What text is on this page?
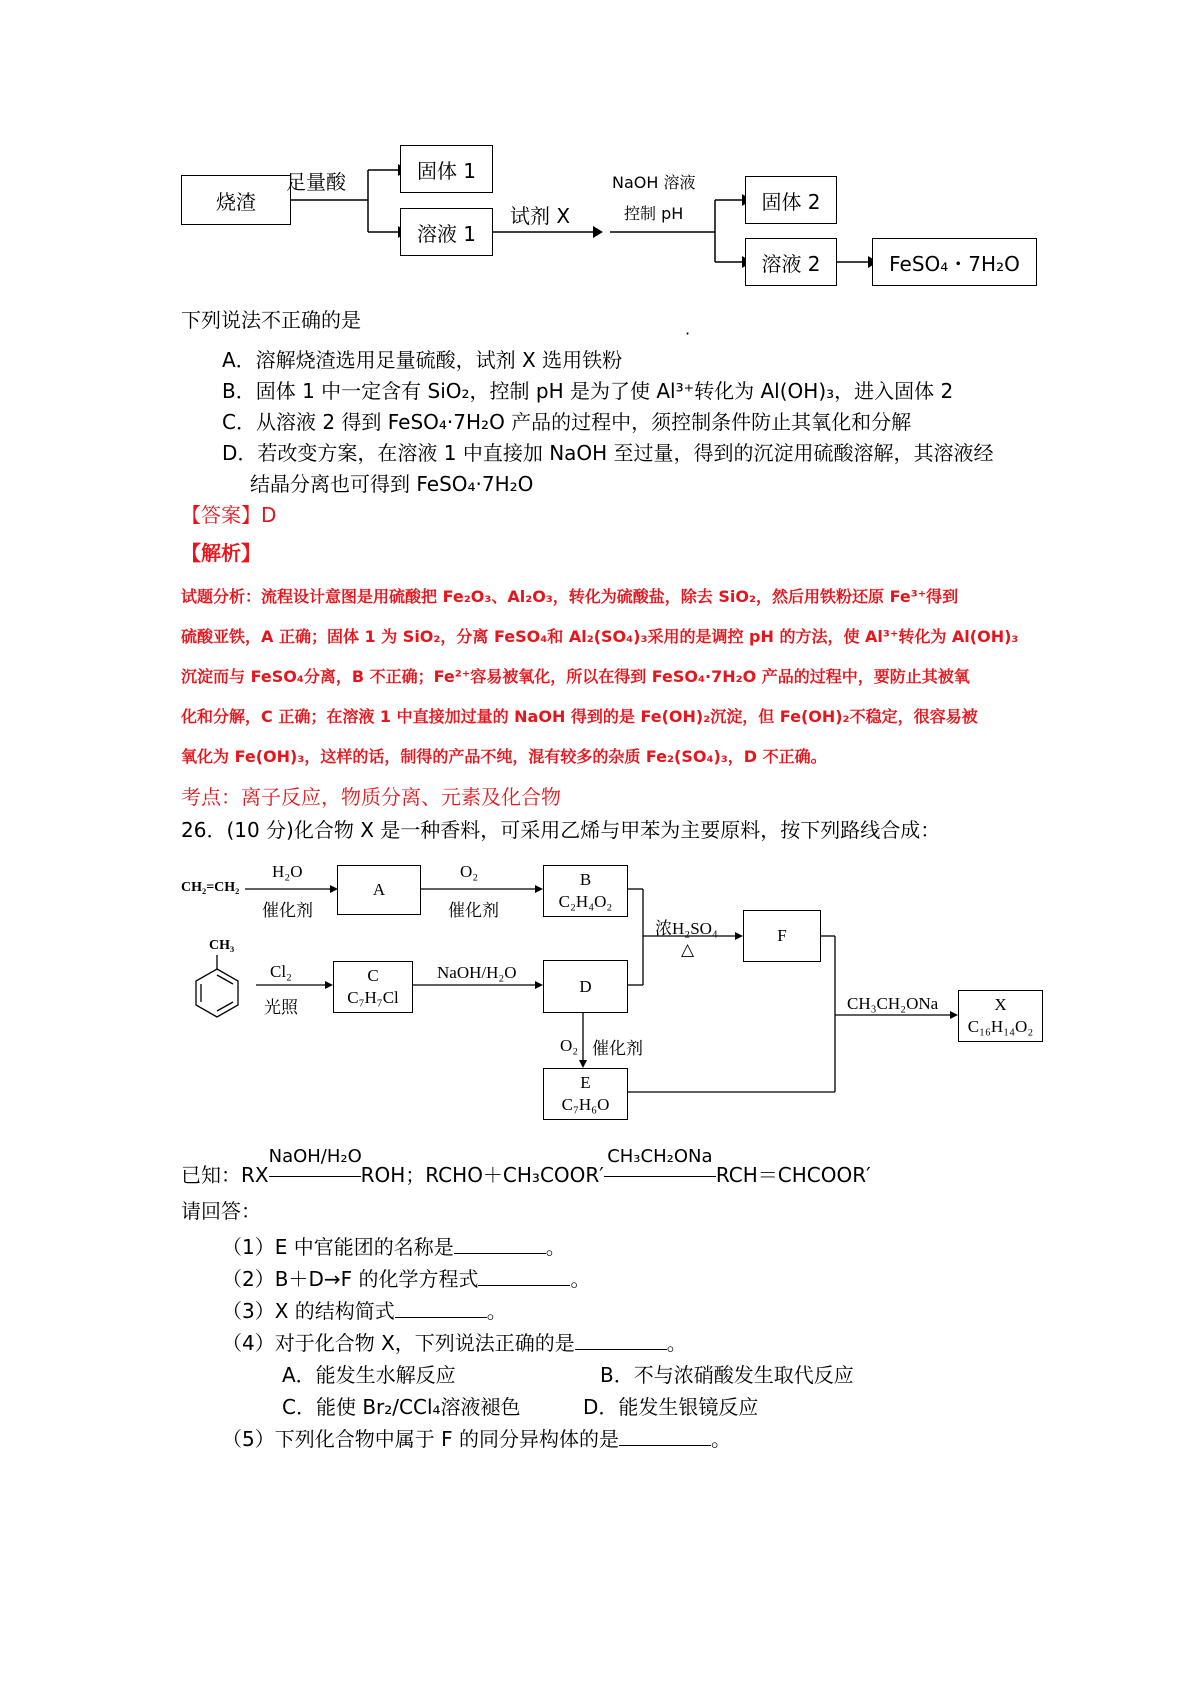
烧渣
足量酸	固体 1
溶液 1
试剂 X
NaOH 溶液
控制 pH	固体 2
溶液 2	FeSO₄・7H₂O
下列说法不正确的是 ·
A．溶解烧渣选用足量硫酸，试剂 X 选用铁粉
B．固体 1 中一定含有 SiO₂，控制 pH 是为了使 Al³⁺转化为 Al(OH)₃，进入固体 2
C．从溶液 2 得到 FeSO₄·7H₂O 产品的过程中，须控制条件防止其氧化和分解
D．若改变方案，在溶液 1 中直接加 NaOH 至过量，得到的沉淀用硫酸溶解，其溶液经
结晶分离也可得到 FeSO₄·7H₂O
【答案】D
【解析】
试题分析：流程设计意图是用硫酸把 Fe₂O₃、Al₂O₃，转化为硫酸盐，除去 SiO₂，然后用铁粉还原 Fe³⁺得到
硫酸亚铁，A 正确；固体 1 为 SiO₂，分离 FeSO₄和 Al₂(SO₄)₃采用的是调控 pH 的方法，使 Al³⁺转化为 Al(OH)₃
沉淀而与 FeSO₄分离，B 不正确；Fe²⁺容易被氧化，所以在得到 FeSO₄·7H₂O 产品的过程中，要防止其被氧
化和分解，C 正确；在溶液 1 中直接加过量的 NaOH 得到的是 Fe(OH)₂沉淀，但 Fe(OH)₂不稳定，很容易被
氧化为 Fe(OH)₃，这样的话，制得的产品不纯，混有较多的杂质 Fe₂(SO₄)₃，D 不正确。
考点：离子反应，物质分离、元素及化合物
26．(10 分)化合物 X 是一种香料，可采用乙烯与甲苯为主要原料，按下列路线合成：
CH₂=CH₂
CH₃
H₂O
催化剂
A
O₂
催化剂
B
C₂H₄O₂
浓H₂SO₄
△
F
Cl₂
光照
C
C₇H₇Cl
NaOH/H₂O
D
CH₃CH₂ONa	X
C₁₆H₁₄O₂
O₂ 催化剂
E
C₇H₆O
已知：RX
NaOH/H₂O
ROH；RCHO＋CH₃COOR′
CH₃CH₂ONa
RCH＝CHCOOR′
请回答：
（1）E 中官能团的名称是	。
（2）B＋D→F 的化学方程式	。
（3）X 的结构简式	。
（4）对于化合物 X，下列说法正确的是	。
A．能发生水解反应	B．不与浓硝酸发生取代反应
C．能使 Br₂/CCl₄溶液褪色	D．能发生银镜反应
（5）下列化合物中属于 F 的同分异构体的是	。
